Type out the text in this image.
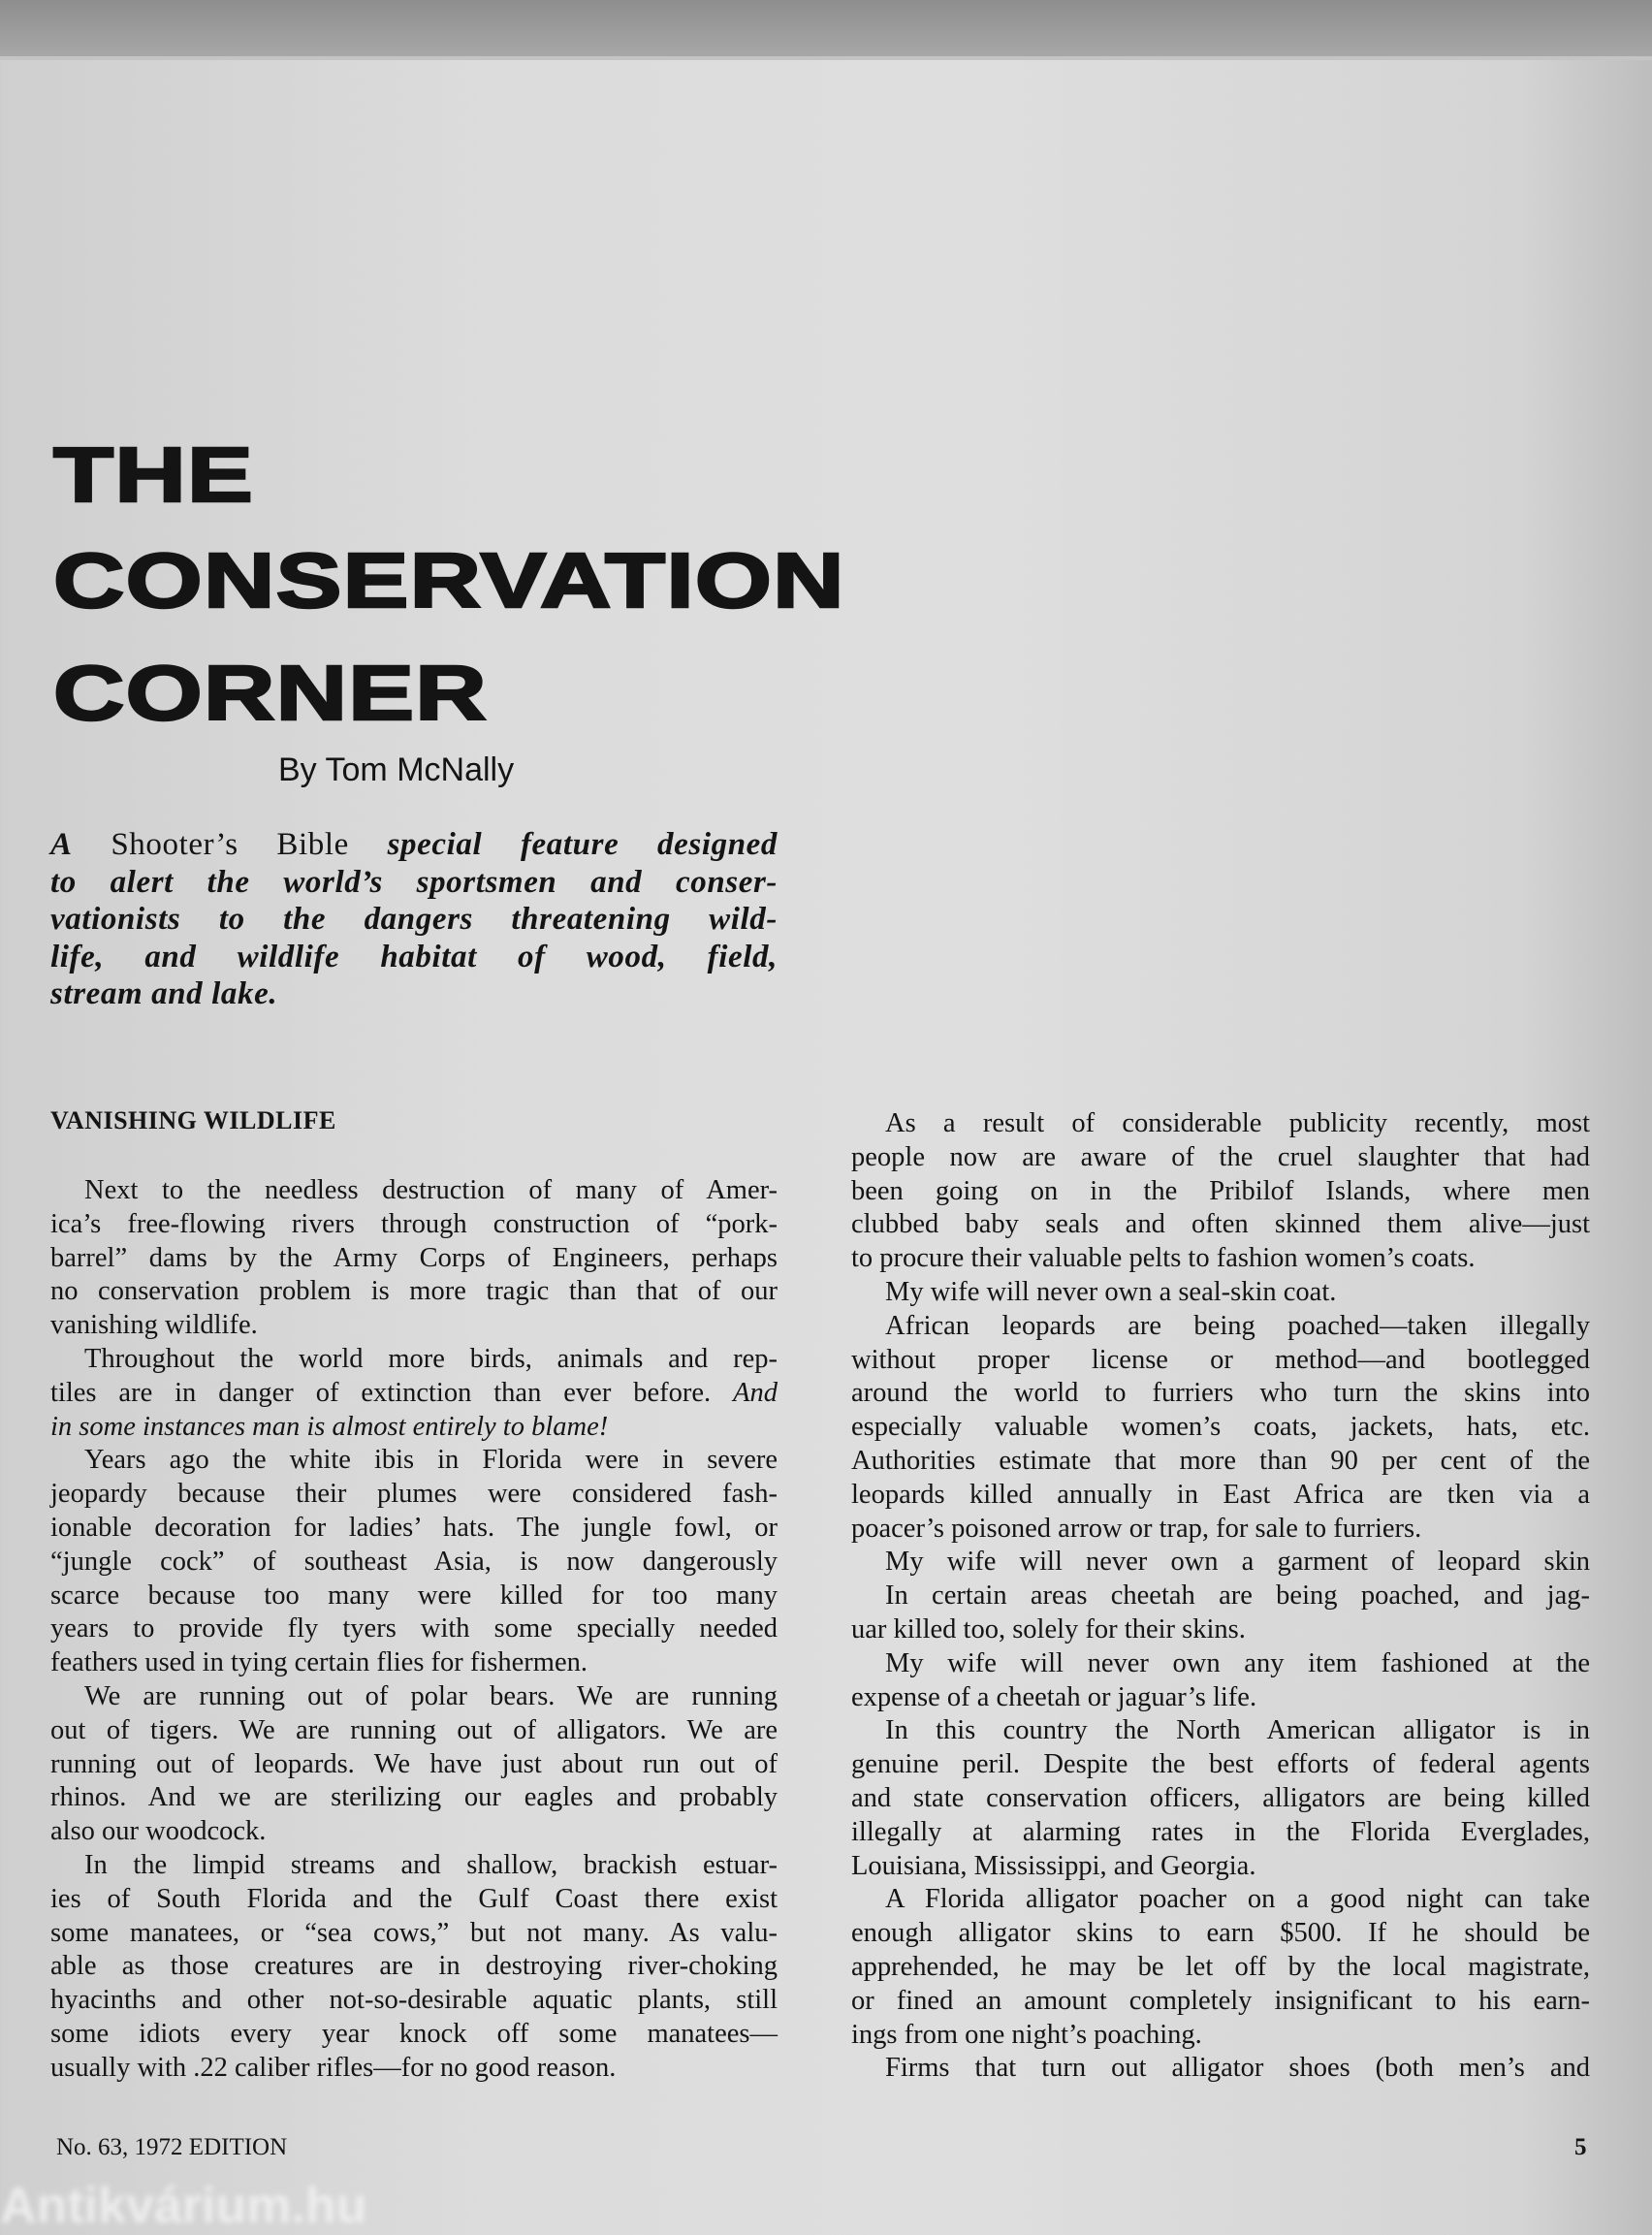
THE
CONSERVATION
CORNER
By Tom McNally
A Shooter’s Bible special feature designed
to alert the world’s sportsmen and conser-
vationists to the dangers threatening wild-
life, and wildlife habitat of wood, field,
stream and lake.
VANISHING WILDLIFE
Next to the needless destruction of many of Amer-
ica’s free-flowing rivers through construction of “pork-
barrel” dams by the Army Corps of Engineers, perhaps
no conservation problem is more tragic than that of our
vanishing wildlife.
Throughout the world more birds, animals and rep-
tiles are in danger of extinction than ever before. And
in some instances man is almost entirely to blame!
Years ago the white ibis in Florida were in severe
jeopardy because their plumes were considered fash-
ionable decoration for ladies’ hats. The jungle fowl, or
“jungle cock” of southeast Asia, is now dangerously
scarce because too many were killed for too many
years to provide fly tyers with some specially needed
feathers used in tying certain flies for fishermen.
We are running out of polar bears. We are running
out of tigers. We are running out of alligators. We are
running out of leopards. We have just about run out of
rhinos. And we are sterilizing our eagles and probably
also our woodcock.
In the limpid streams and shallow, brackish estuar-
ies of South Florida and the Gulf Coast there exist
some manatees, or “sea cows,” but not many. As valu-
able as those creatures are in destroying river-choking
hyacinths and other not-so-desirable aquatic plants, still
some idiots every year knock off some manatees—
usually with .22 caliber rifles—for no good reason.
As a result of considerable publicity recently, most
people now are aware of the cruel slaughter that had
been going on in the Pribilof Islands, where men
clubbed baby seals and often skinned them alive—just
to procure their valuable pelts to fashion women’s coats.
My wife will never own a seal-skin coat.
African leopards are being poached—taken illegally
without proper license or method—and bootlegged
around the world to furriers who turn the skins into
especially valuable women’s coats, jackets, hats, etc.
Authorities estimate that more than 90 per cent of the
leopards killed annually in East Africa are tken via a
poacer’s poisoned arrow or trap, for sale to furriers.
My wife will never own a garment of leopard skin
In certain areas cheetah are being poached, and jag-
uar killed too, solely for their skins.
My wife will never own any item fashioned at the
expense of a cheetah or jaguar’s life.
In this country the North American alligator is in
genuine peril. Despite the best efforts of federal agents
and state conservation officers, alligators are being killed
illegally at alarming rates in the Florida Everglades,
Louisiana, Mississippi, and Georgia.
A Florida alligator poacher on a good night can take
enough alligator skins to earn $500. If he should be
apprehended, he may be let off by the local magistrate,
or fined an amount completely insignificant to his earn-
ings from one night’s poaching.
Firms that turn out alligator shoes (both men’s and
No. 63, 1972 EDITION	5
Antikvárium.hu
